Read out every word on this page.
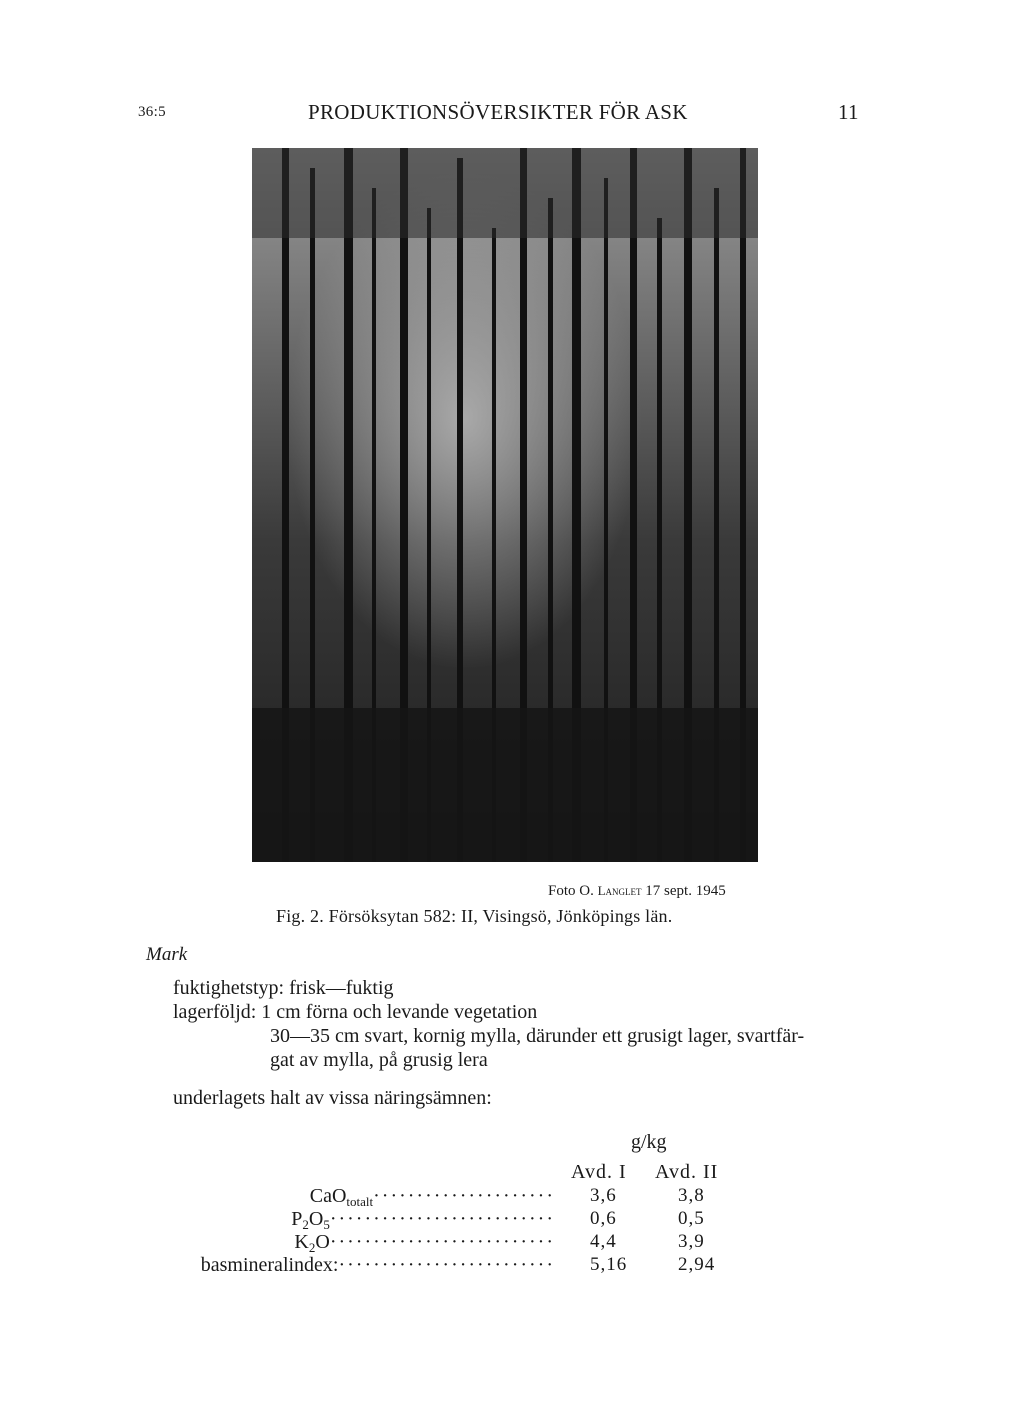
36:5	PRODUKTIONSÖVERSIKTER FÖR ASK	11
Foto O. Langlet 17 sept. 1945
Fig. 2. Försöksytan 582: II, Visingsö, Jönköpings län.
Mark
fuktighetstyp: frisk—fuktig
lagerföljd: 1 cm förna och levande vegetation
30—35 cm svart, kornig mylla, därunder ett grusigt lager, svartfär-
gat av mylla, på grusig lera
underlagets halt av vissa näringsämnen:
g/kg
Avd. I Avd. II
CaO$_{totalt}$····················· 3,6	3,8
$P_2O_5\cdot\cdot\cdot\cdot\cdot\cdot\cdot\cdot\cdot\cdot\cdot\cdot\cdot\cdot\cdot\cdot\cdot\cdot\cdot\cdot\cdot\cdot\cdot\cdot\cdot\cdot 0,6$	0,5
$K_2O\cdot\cdot\cdot\cdot\cdot\cdot\cdot\cdot\cdot\cdot\cdot\cdot\cdot\cdot\cdot\cdot\cdot\cdot\cdot\cdot\cdot\cdot\cdot\cdot\cdot\cdot 4,4$	3,9
basmineralindex:························· 5,16	2,94
